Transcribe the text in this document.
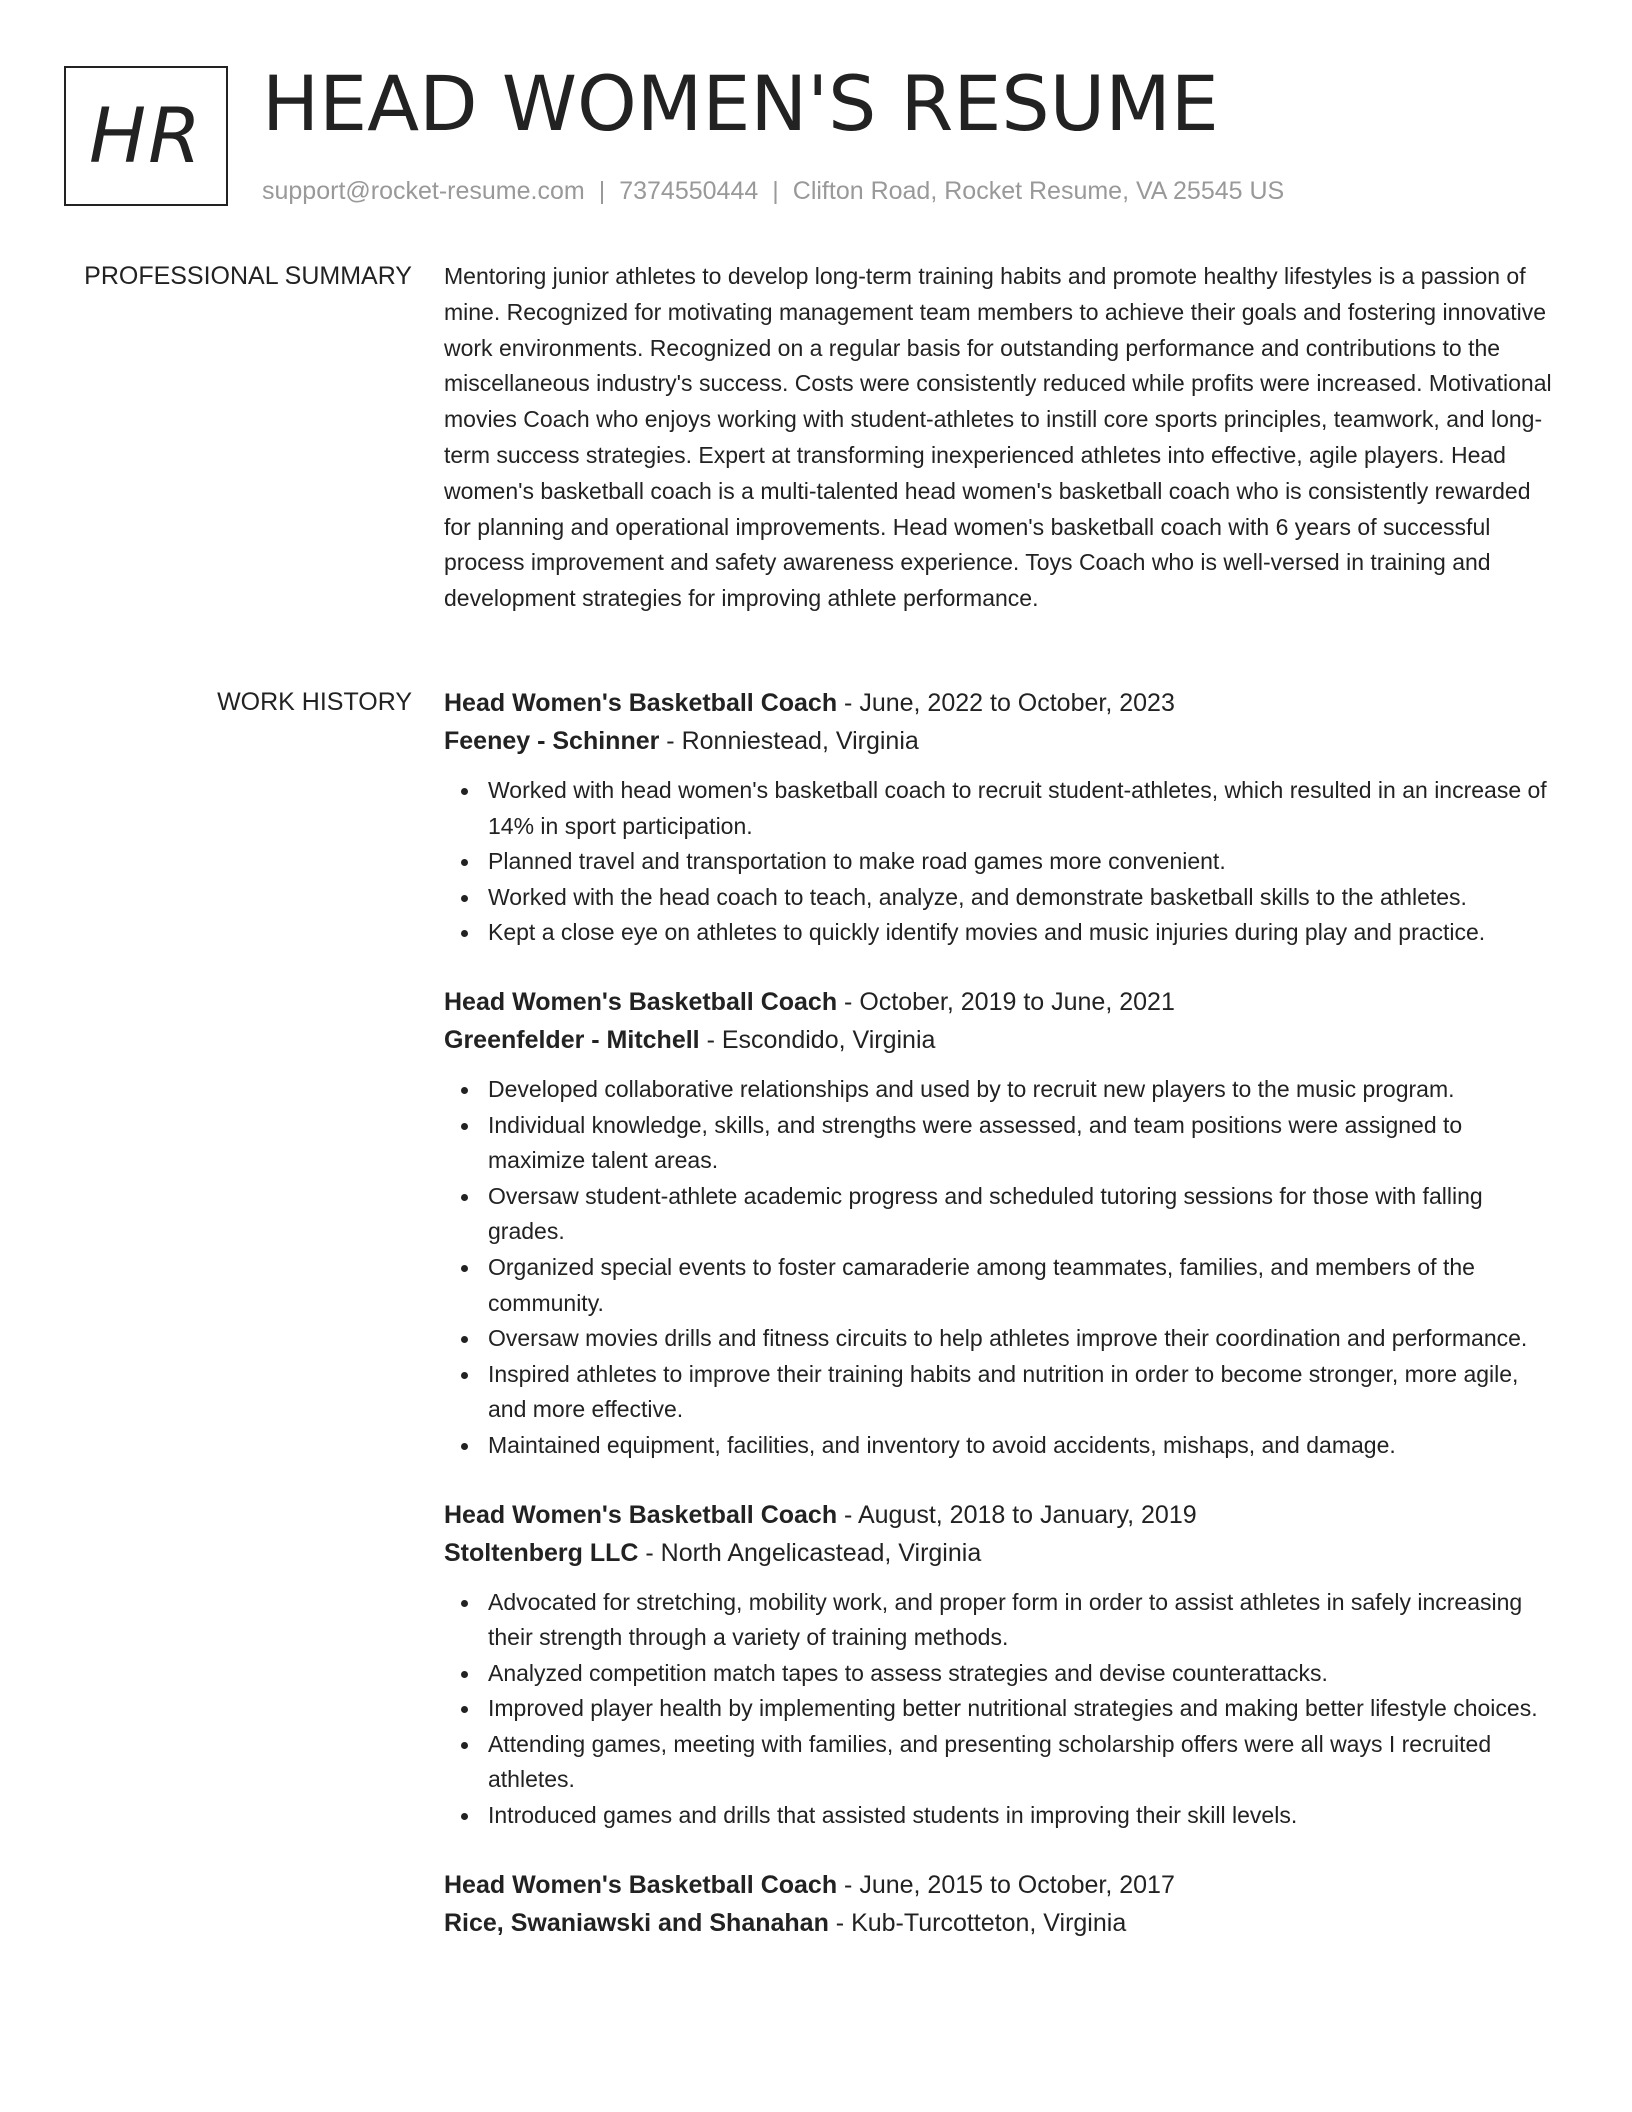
HR HEAD WOMEN'S RESUME
support@rocket-resume.com | 7374550444 | Clifton Road, Rocket Resume, VA 25545 US
PROFESSIONAL SUMMARY Mentoring junior athletes to develop long-term training habits and promote healthy lifestyles is a passion of mine. Recognized for motivating management team members to achieve their goals and fostering innovative work environments. Recognized on a regular basis for outstanding performance and contributions to the miscellaneous industry's success. Costs were consistently reduced while profits were increased. Motivational movies Coach who enjoys working with student-athletes to instill core sports principles, teamwork, and long-term success strategies. Expert at transforming inexperienced athletes into effective, agile players. Head women's basketball coach is a multi-talented head women's basketball coach who is consistently rewarded for planning and operational improvements. Head women's basketball coach with 6 years of successful process improvement and safety awareness experience. Toys Coach who is well-versed in training and development strategies for improving athlete performance.

WORK HISTORY Head Women's Basketball Coach - June, 2022 to October, 2023
Feeney - Schinner - Ronniestead, Virginia
Worked with head women's basketball coach to recruit student-athletes, which resulted in an increase of 14% in sport participation.
Planned travel and transportation to make road games more convenient.
Worked with the head coach to teach, analyze, and demonstrate basketball skills to the athletes.
Kept a close eye on athletes to quickly identify movies and music injuries during play and practice.
Head Women's Basketball Coach - October, 2019 to June, 2021
Greenfelder - Mitchell - Escondido, Virginia
Developed collaborative relationships and used by to recruit new players to the music program.
Individual knowledge, skills, and strengths were assessed, and team positions were assigned to maximize talent areas.
Oversaw student-athlete academic progress and scheduled tutoring sessions for those with falling grades.
Organized special events to foster camaraderie among teammates, families, and members of the community.
Oversaw movies drills and fitness circuits to help athletes improve their coordination and performance.
Inspired athletes to improve their training habits and nutrition in order to become stronger, more agile, and more effective.
Maintained equipment, facilities, and inventory to avoid accidents, mishaps, and damage.
Head Women's Basketball Coach - August, 2018 to January, 2019
Stoltenberg LLC - North Angelicastead, Virginia
Advocated for stretching, mobility work, and proper form in order to assist athletes in safely increasing their strength through a variety of training methods.
Analyzed competition match tapes to assess strategies and devise counterattacks.
Improved player health by implementing better nutritional strategies and making better lifestyle choices.
Attending games, meeting with families, and presenting scholarship offers were all ways I recruited athletes.
Introduced games and drills that assisted students in improving their skill levels.
Head Women's Basketball Coach - June, 2015 to October, 2017
Rice, Swaniawski and Shanahan - Kub-Turcotteton, Virginia
